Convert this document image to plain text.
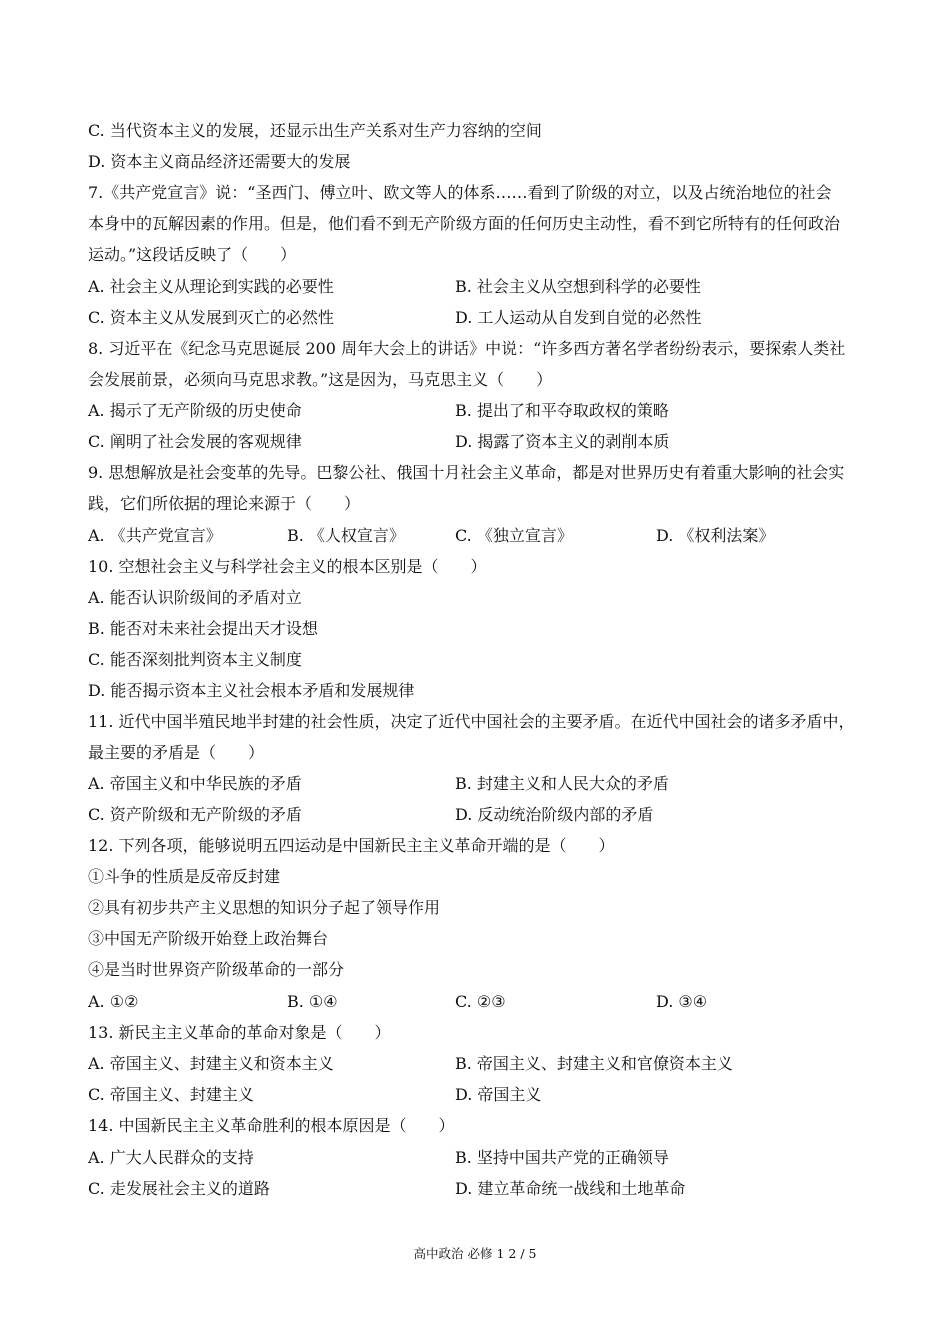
C. 当代资本主义的发展，还显示出生产关系对生产力容纳的空间
D. 资本主义商品经济还需要大的发展
7.《共产党宣言》说：“圣西门、傅立叶、欧文等人的体系……看到了阶级的对立，以及占统治地位的社会
本身中的瓦解因素的作用。但是，他们看不到无产阶级方面的任何历史主动性，看不到它所特有的任何政治
运动。”这段话反映了（　　）
A. 社会主义从理论到实践的必要性	B. 社会主义从空想到科学的必要性
C. 资本主义从发展到灭亡的必然性	D. 工人运动从自发到自觉的必然性
8. 习近平在《纪念马克思诞辰 200 周年大会上的讲话》中说：“许多西方著名学者纷纷表示，要探索人类社
会发展前景，必须向马克思求教。”这是因为，马克思主义（　　）
A. 揭示了无产阶级的历史使命	B. 提出了和平夺取政权的策略
C. 阐明了社会发展的客观规律	D. 揭露了资本主义的剥削本质
9. 思想解放是社会变革的先导。巴黎公社、俄国十月社会主义革命，都是对世界历史有着重大影响的社会实
践，它们所依据的理论来源于（　　）
A. 《共产党宣言》	B. 《人权宣言》	C. 《独立宣言》	D. 《权利法案》
10. 空想社会主义与科学社会主义的根本区别是（　　）
A. 能否认识阶级间的矛盾对立
B. 能否对未来社会提出天才设想
C. 能否深刻批判资本主义制度
D. 能否揭示资本主义社会根本矛盾和发展规律
11. 近代中国半殖民地半封建的社会性质，决定了近代中国社会的主要矛盾。在近代中国社会的诸多矛盾中，
最主要的矛盾是（　　）
A. 帝国主义和中华民族的矛盾	B. 封建主义和人民大众的矛盾
C. 资产阶级和无产阶级的矛盾	D. 反动统治阶级内部的矛盾
12. 下列各项，能够说明五四运动是中国新民主主义革命开端的是（　　）
①斗争的性质是反帝反封建
②具有初步共产主义思想的知识分子起了领导作用
③中国无产阶级开始登上政治舞台
④是当时世界资产阶级革命的一部分
A. ①②	B. ①④	C. ②③	D. ③④
13. 新民主主义革命的革命对象是（　　）
A. 帝国主义、封建主义和资本主义	B. 帝国主义、封建主义和官僚资本主义
C. 帝国主义、封建主义	D. 帝国主义
14. 中国新民主主义革命胜利的根本原因是（　　）
A. 广大人民群众的支持	B. 坚持中国共产党的正确领导
C. 走发展社会主义的道路	D. 建立革命统一战线和土地革命
高中政治 必修 1 2 / 5
